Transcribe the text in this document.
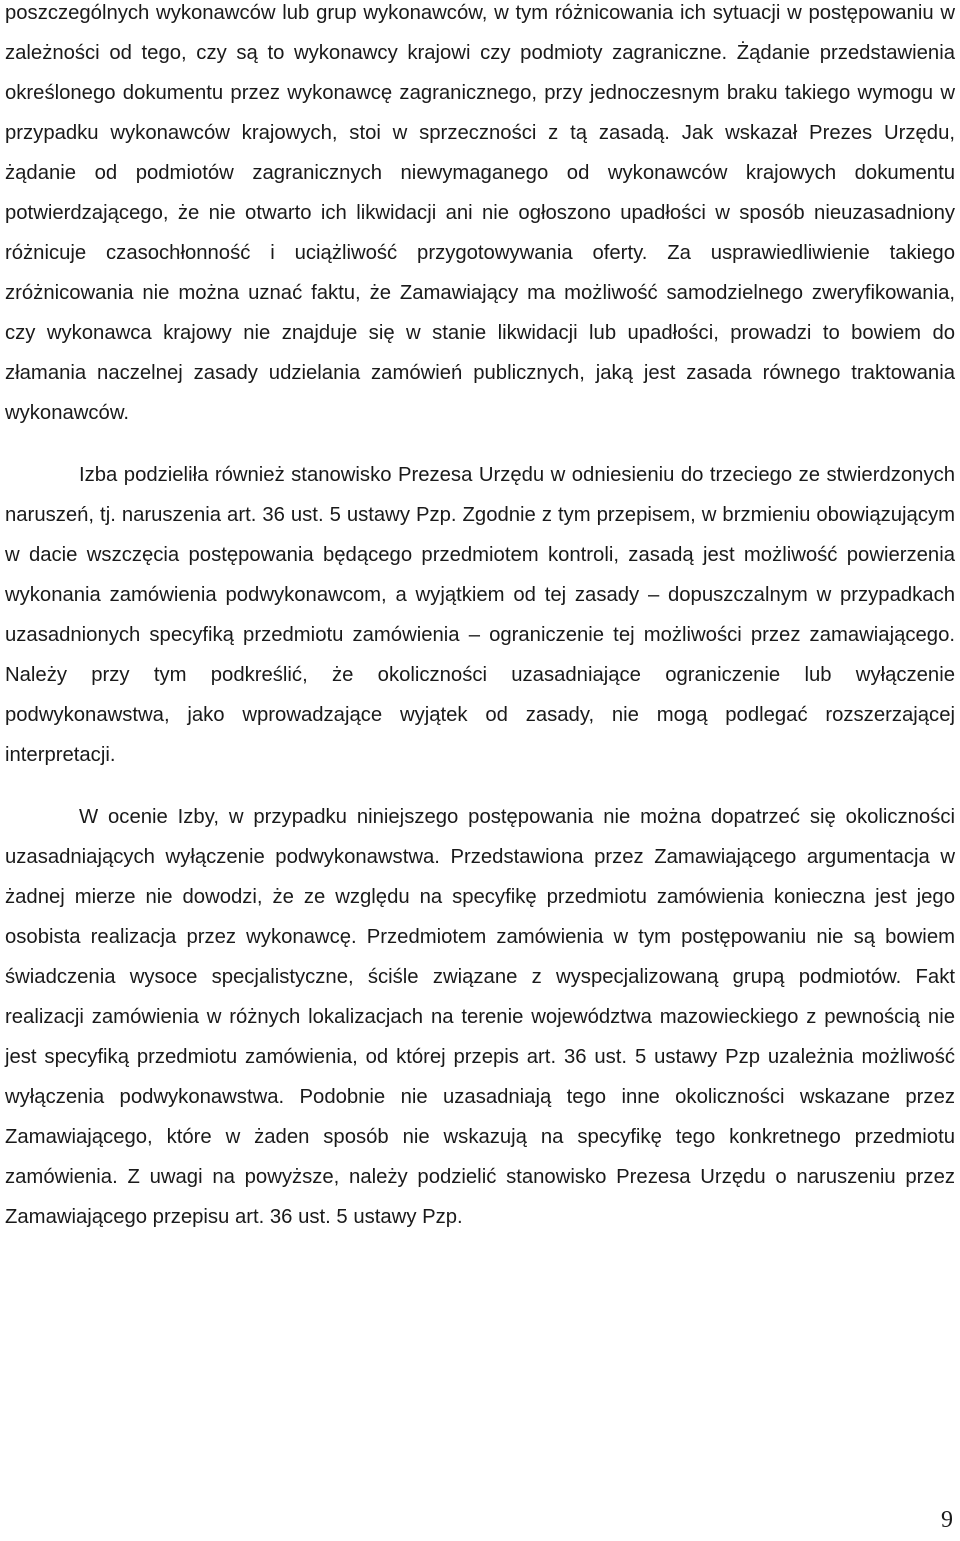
poszczególnych wykonawców lub grup wykonawców, w tym różnicowania ich sytuacji w postępowaniu w zależności od tego, czy są to wykonawcy krajowi czy podmioty zagraniczne. Żądanie przedstawienia określonego dokumentu przez wykonawcę zagranicznego, przy jednoczesnym braku takiego wymogu w przypadku wykonawców krajowych, stoi w sprzeczności z tą zasadą. Jak wskazał Prezes Urzędu, żądanie od podmiotów zagranicznych niewymaganego od wykonawców krajowych dokumentu potwierdzającego, że nie otwarto ich likwidacji ani nie ogłoszono upadłości w sposób nieuzasadniony różnicuje czasochłonność i uciążliwość przygotowywania oferty. Za usprawiedliwienie takiego zróżnicowania nie można uznać faktu, że Zamawiający ma możliwość samodzielnego zweryfikowania, czy wykonawca krajowy nie znajduje się w stanie likwidacji lub upadłości, prowadzi to bowiem do złamania naczelnej zasady udzielania zamówień publicznych, jaką jest zasada równego traktowania wykonawców.

Izba podzieliła również stanowisko Prezesa Urzędu w odniesieniu do trzeciego ze stwierdzonych naruszeń, tj. naruszenia art. 36 ust. 5 ustawy Pzp. Zgodnie z tym przepisem, w brzmieniu obowiązującym w dacie wszczęcia postępowania będącego przedmiotem kontroli, zasadą jest możliwość powierzenia wykonania zamówienia podwykonawcom, a wyjątkiem od tej zasady – dopuszczalnym w przypadkach uzasadnionych specyfiką przedmiotu zamówienia – ograniczenie tej możliwości przez zamawiającego. Należy przy tym podkreślić, że okoliczności uzasadniające ograniczenie lub wyłączenie podwykonawstwa, jako wprowadzające wyjątek od zasady, nie mogą podlegać rozszerzającej interpretacji.

W ocenie Izby, w przypadku niniejszego postępowania nie można dopatrzeć się okoliczności uzasadniających wyłączenie podwykonawstwa. Przedstawiona przez Zamawiającego argumentacja w żadnej mierze nie dowodzi, że ze względu na specyfikę przedmiotu zamówienia konieczna jest jego osobista realizacja przez wykonawcę. Przedmiotem zamówienia w tym postępowaniu nie są bowiem świadczenia wysoce specjalistyczne, ściśle związane z wyspecjalizowaną grupą podmiotów. Fakt realizacji zamówienia w różnych lokalizacjach na terenie województwa mazowieckiego z pewnością nie jest specyfiką przedmiotu zamówienia, od której przepis art. 36 ust. 5 ustawy Pzp uzależnia możliwość wyłączenia podwykonawstwa. Podobnie nie uzasadniają tego inne okoliczności wskazane przez Zamawiającego, które w żaden sposób nie wskazują na specyfikę tego konkretnego przedmiotu zamówienia. Z uwagi na powyższe, należy podzielić stanowisko Prezesa Urzędu o naruszeniu przez Zamawiającego przepisu art. 36 ust. 5 ustawy Pzp.

9
